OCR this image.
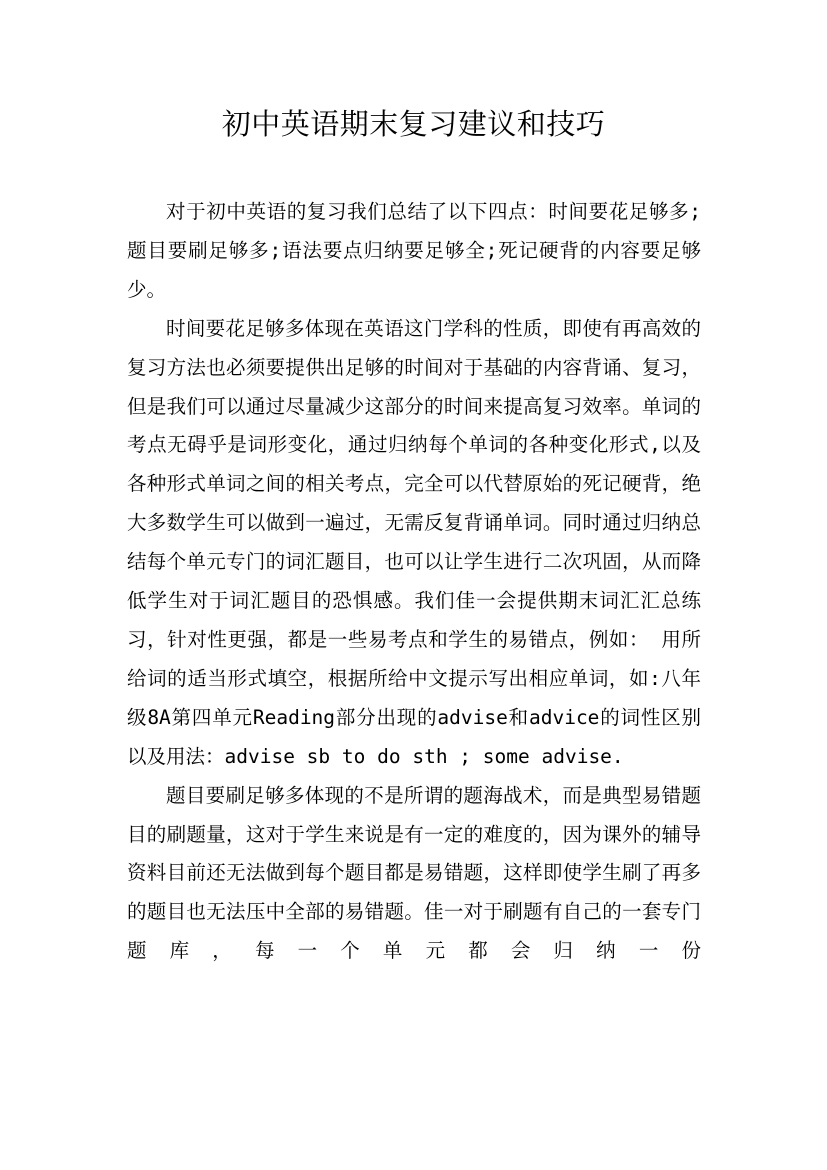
初中英语期末复习建议和技巧

对于初中英语的复习我们总结了以下四点：时间要花足够多;题目要刷足够多;语法要点归纳要足够全;死记硬背的内容要足够少。

时间要花足够多体现在英语这门学科的性质，即使有再高效的复习方法也必须要提供出足够的时间对于基础的内容背诵、复习，但是我们可以通过尽量减少这部分的时间来提高复习效率。单词的考点无碍乎是词形变化，通过归纳每个单词的各种变化形式,以及各种形式单词之间的相关考点，完全可以代替原始的死记硬背，绝大多数学生可以做到一遍过，无需反复背诵单词。同时通过归纳总结每个单元专门的词汇题目，也可以让学生进行二次巩固，从而降低学生对于词汇题目的恐惧感。我们佳一会提供期末词汇汇总练习，针对性更强，都是一些易考点和学生的易错点，例如： 用所给词的适当形式填空，根据所给中文提示写出相应单词，如:八年级8A第四单元Reading部分出现的advise和advice的词性区别以及用法：advise sb to do sth ; some advise.

题目要刷足够多体现的不是所谓的题海战术，而是典型易错题目的刷题量，这对于学生来说是有一定的难度的，因为课外的辅导资料目前还无法做到每个题目都是易错题，这样即使学生刷了再多的题目也无法压中全部的易错题。佳一对于刷题有自己的一套专门题库，每一个单元都会归纳一份
